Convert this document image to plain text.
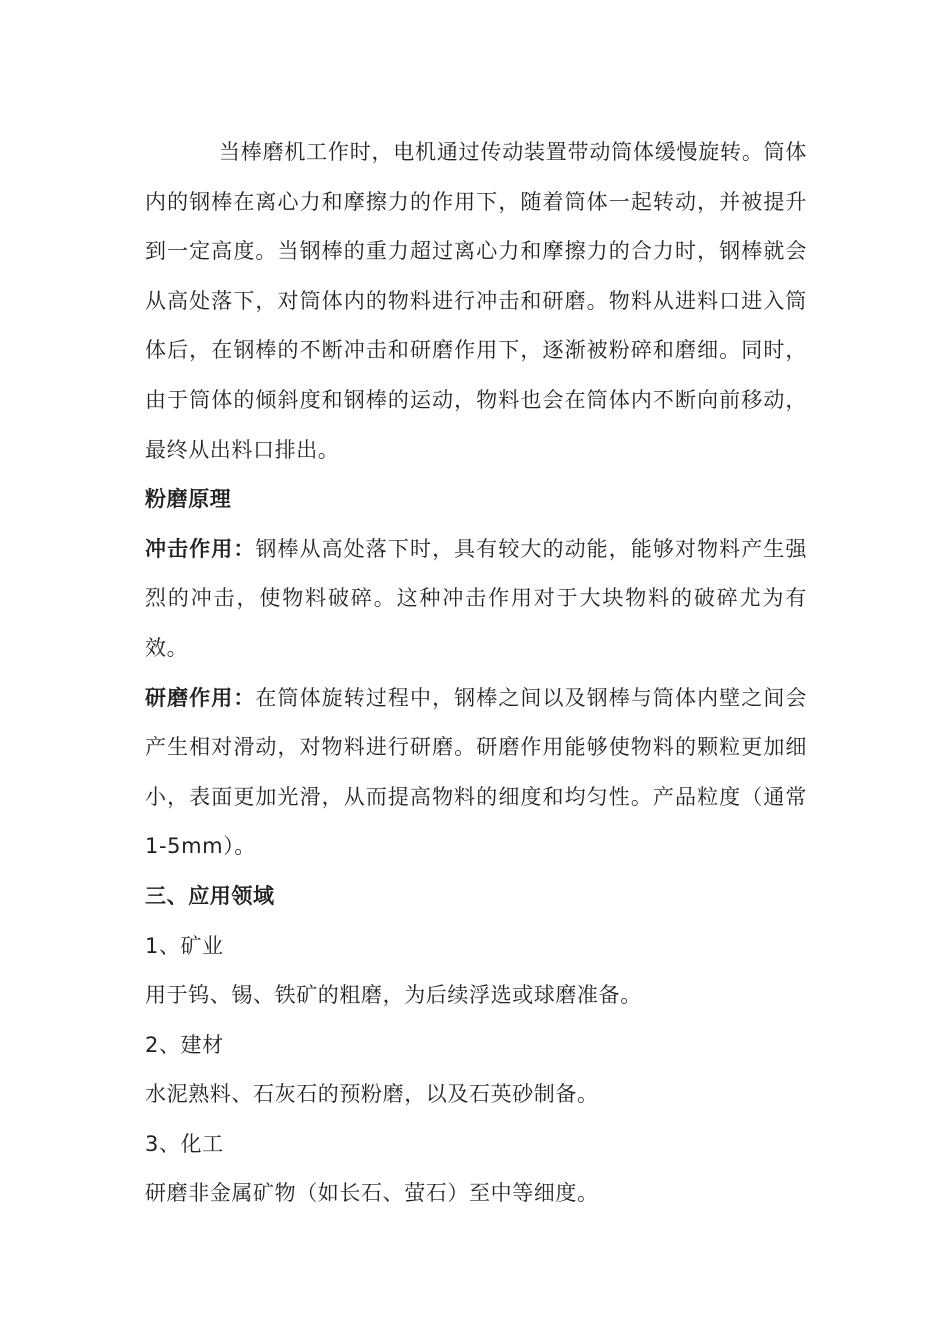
当棒磨机工作时，电机通过传动装置带动筒体缓慢旋转。筒体内的钢棒在离心力和摩擦力的作用下，随着筒体一起转动，并被提升到一定高度。当钢棒的重力超过离心力和摩擦力的合力时，钢棒就会从高处落下，对筒体内的物料进行冲击和研磨。物料从进料口进入筒体后，在钢棒的不断冲击和研磨作用下，逐渐被粉碎和磨细。同时，由于筒体的倾斜度和钢棒的运动，物料也会在筒体内不断向前移动，最终从出料口排出。

粉磨原理

冲击作用：钢棒从高处落下时，具有较大的动能，能够对物料产生强烈的冲击，使物料破碎。这种冲击作用对于大块物料的破碎尤为有效。

研磨作用：在筒体旋转过程中，钢棒之间以及钢棒与筒体内壁之间会产生相对滑动，对物料进行研磨。研磨作用能够使物料的颗粒更加细小，表面更加光滑，从而提高物料的细度和均匀性。产品粒度（通常 1-5mm）。

三、应用领域

1、矿业

用于钨、锡、铁矿的粗磨，为后续浮选或球磨准备。

2、建材

水泥熟料、石灰石的预粉磨，以及石英砂制备。

3、化工

研磨非金属矿物（如长石、萤石）至中等细度。
